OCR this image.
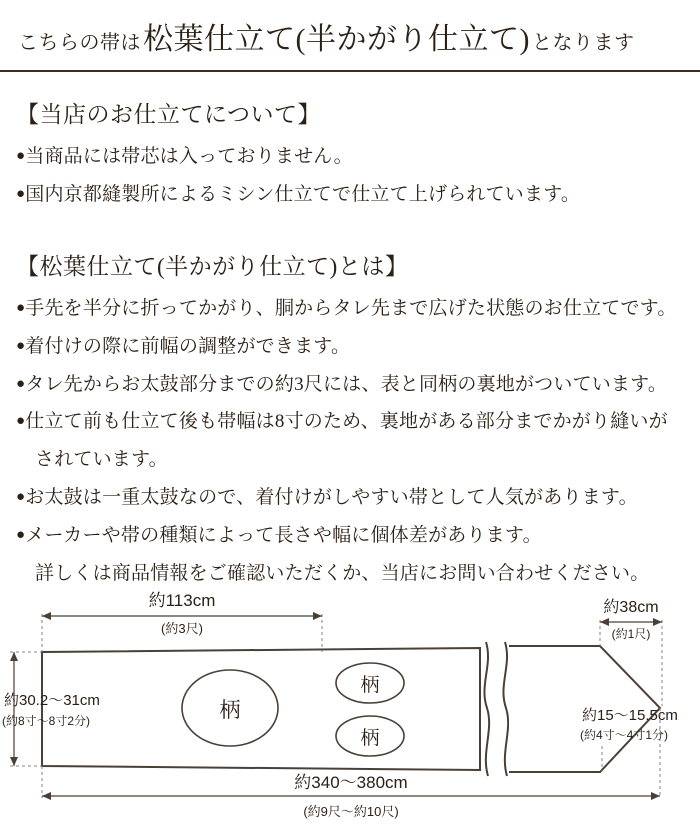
こちらの帯は 松葉仕立て(半かがり仕立て) となります
【当店のお仕立てについて】
●当商品には帯芯は入っておりません。
●国内京都縫製所によるミシン仕立てで仕立て上げられています。
【松葉仕立て(半かがり仕立て)とは】
●手先を半分に折ってかがり、胴からタレ先まで広げた状態のお仕立てです。
●着付けの際に前幅の調整ができます。
●タレ先からお太鼓部分までの約3尺には、表と同柄の裏地がついています。
●仕立て前も仕立て後も帯幅は8寸のため、裏地がある部分までかがり縫いが
されています。
●お太鼓は一重太鼓なので、着付けがしやすい帯として人気があります。
●メーカーや帯の種類によって長さや幅に個体差があります。
詳しくは商品情報をご確認いただくか、当店にお問い合わせください。
柄
柄
柄
約113cm
(約3尺)
約30.2〜31cm
(約8寸〜8寸2分)
約38cm
(約1尺)
約15〜15.5cm
(約4寸〜4寸1分)
約340〜380cm
(約9尺〜約10尺)
